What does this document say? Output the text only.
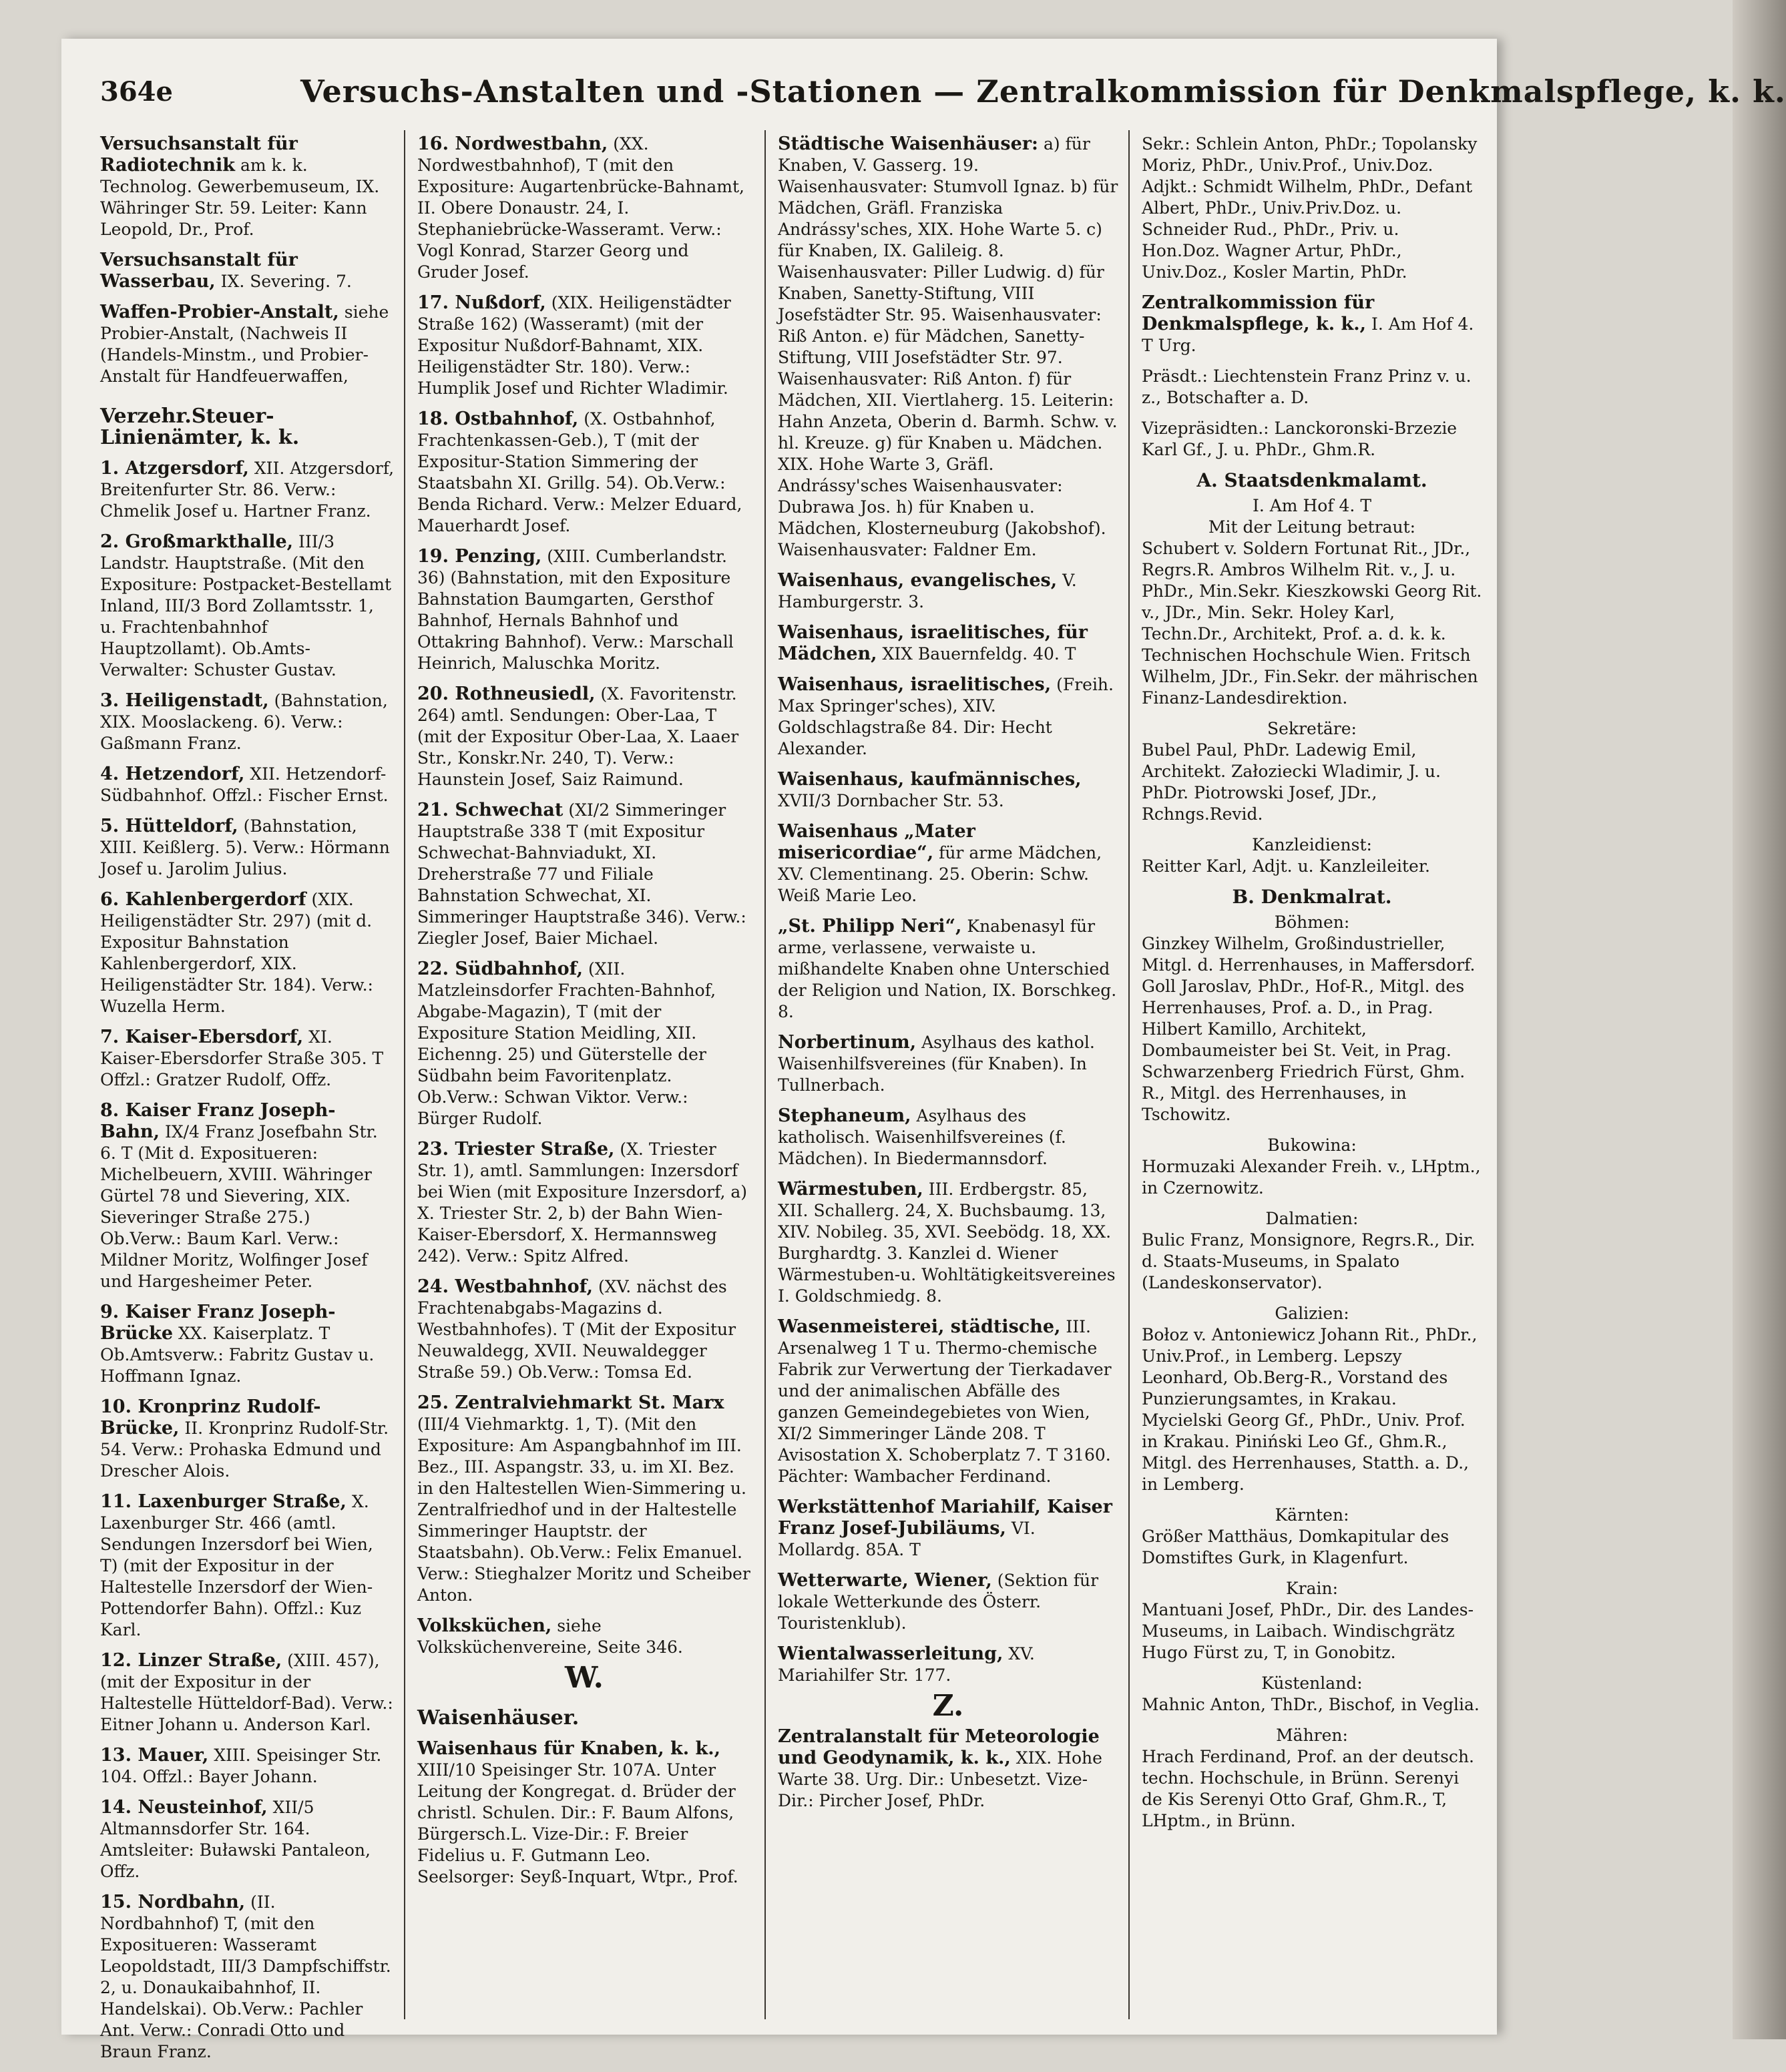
364e	Versuchs-Anstalten und -Stationen — Zentralkommission für Denkmalspflege, k. k.
Versuchsanstalt für Radiotechnik am k. k. Technolog. Gewerbemuseum, IX. Währinger Str. 59. Leiter: Kann Leopold, Dr., Prof.
Versuchsanstalt für Wasserbau, IX. Severing. 7.
Waffen-Probier-Anstalt, siehe Probier-Anstalt, (Nachweis II (Handels-Minstm., und Probier-Anstalt für Handfeuerwaffen,
Verzehr.Steuer-Linienämter, k. k.
1. Atzgersdorf, XII. Atzgersdorf, Breitenfurter Str. 86. Verw.: Chmelik Josef u. Hartner Franz.
2. Großmarkthalle, III/3 Landstr. Hauptstraße. (Mit den Expositure: Postpacket-Bestellamt Inland, III/3 Bord Zollamtsstr. 1, u. Frachtenbahnhof Hauptzollamt). Ob.Amts-Verwalter: Schuster Gustav.
3. Heiligenstadt, (Bahnstation, XIX. Mooslackeng. 6). Verw.: Gaßmann Franz.
4. Hetzendorf, XII. Hetzendorf-Südbahnhof. Offzl.: Fischer Ernst.
5. Hütteldorf, (Bahnstation, XIII. Keißlerg. 5). Verw.: Hörmann Josef u. Jarolim Julius.
6. Kahlenbergerdorf (XIX. Heiligenstädter Str. 297) (mit d. Expositur Bahnstation Kahlenbergerdorf, XIX. Heiligenstädter Str. 184). Verw.: Wuzella Herm.
7. Kaiser-Ebersdorf, XI. Kaiser-Ebersdorfer Straße 305. T Offzl.: Gratzer Rudolf, Offz.
8. Kaiser Franz Joseph-Bahn, IX/4 Franz Josefbahn Str. 6. T (Mit d. Expositueren: Michelbeuern, XVIII. Währinger Gürtel 78 und Sievering, XIX. Sieveringer Straße 275.) Ob.Verw.: Baum Karl. Verw.: Mildner Moritz, Wolfinger Josef und Hargesheimer Peter.
9. Kaiser Franz Joseph-Brücke XX. Kaiserplatz. T Ob.Amtsverw.: Fabritz Gustav u. Hoffmann Ignaz.
10. Kronprinz Rudolf-Brücke, II. Kronprinz Rudolf-Str. 54. Verw.: Prohaska Edmund und Drescher Alois.
11. Laxenburger Straße, X. Laxenburger Str. 466 (amtl. Sendungen Inzersdorf bei Wien, T) (mit der Expositur in der Haltestelle Inzersdorf der Wien-Pottendorfer Bahn). Offzl.: Kuz Karl.
12. Linzer Straße, (XIII. 457), (mit der Expositur in der Haltestelle Hütteldorf-Bad). Verw.: Eitner Johann u. Anderson Karl.
13. Mauer, XIII. Speisinger Str. 104. Offzl.: Bayer Johann.
14. Neusteinhof, XII/5 Altmannsdorfer Str. 164. Amtsleiter: Buławski Pantaleon, Offz.
15. Nordbahn, (II. Nordbahnhof) T, (mit den Expositueren: Wasseramt Leopoldstadt, III/3 Dampfschiffstr. 2, u. Donaukaibahnhof, II. Handelskai). Ob.Verw.: Pachler Ant. Verw.: Conradi Otto und Braun Franz.
16. Nordwestbahn, (XX. Nordwestbahnhof), T (mit den Expositure: Augartenbrücke-Bahnamt, II. Obere Donaustr. 24, I. Stephaniebrücke-Wasseramt. Verw.: Vogl Konrad, Starzer Georg und Gruder Josef.
17. Nußdorf, (XIX. Heiligenstädter Straße 162) (Wasseramt) (mit der Expositur Nußdorf-Bahnamt, XIX. Heiligenstädter Str. 180). Verw.: Humplik Josef und Richter Wladimir.
18. Ostbahnhof, (X. Ostbahnhof, Frachtenkassen-Geb.), T (mit der Expositur-Station Simmering der Staatsbahn XI. Grillg. 54). Ob.Verw.: Benda Richard. Verw.: Melzer Eduard, Mauerhardt Josef.
19. Penzing, (XIII. Cumberlandstr. 36) (Bahnstation, mit den Expositure Bahnstation Baumgarten, Gersthof Bahnhof, Hernals Bahnhof und Ottakring Bahnhof). Verw.: Marschall Heinrich, Maluschka Moritz.
20. Rothneusiedl, (X. Favoritenstr. 264) amtl. Sendungen: Ober-Laa, T (mit der Expositur Ober-Laa, X. Laaer Str., Konskr.Nr. 240, T). Verw.: Haunstein Josef, Saiz Raimund.
21. Schwechat (XI/2 Simmeringer Hauptstraße 338 T (mit Expositur Schwechat-Bahnviadukt, XI. Dreherstraße 77 und Filiale Bahnstation Schwechat, XI. Simmeringer Hauptstraße 346). Verw.: Ziegler Josef, Baier Michael.
22. Südbahnhof, (XII. Matzleinsdorfer Frachten-Bahnhof, Abgabe-Magazin), T (mit der Expositure Station Meidling, XII. Eichenng. 25) und Güterstelle der Südbahn beim Favoritenplatz. Ob.Verw.: Schwan Viktor. Verw.: Bürger Rudolf.
23. Triester Straße, (X. Triester Str. 1), amtl. Sammlungen: Inzersdorf bei Wien (mit Expositure Inzersdorf, a) X. Triester Str. 2, b) der Bahn Wien-Kaiser-Ebersdorf, X. Hermannsweg 242). Verw.: Spitz Alfred.
24. Westbahnhof, (XV. nächst des Frachtenabgabs-Magazins d. Westbahnhofes). T (Mit der Expositur Neuwaldegg, XVII. Neuwaldegger Straße 59.) Ob.Verw.: Tomsa Ed.
25. Zentralviehmarkt St. Marx (III/4 Viehmarktg. 1, T). (Mit den Expositure: Am Aspangbahnhof im III. Bez., III. Aspangstr. 33, u. im XI. Bez. in den Haltestellen Wien-Simmering u. Zentralfriedhof und in der Haltestelle Simmeringer Hauptstr. der Staatsbahn). Ob.Verw.: Felix Emanuel. Verw.: Stieghalzer Moritz und Scheiber Anton.
Volksküchen, siehe Volksküchenvereine, Seite 346.
W.
Waisenhäuser.
Waisenhaus für Knaben, k. k., XIII/10 Speisinger Str. 107A. Unter Leitung der Kongregat. d. Brüder der christl. Schulen. Dir.: F. Baum Alfons, Bürgersch.L. Vize-Dir.: F. Breier Fidelius u. F. Gutmann Leo. Seelsorger: Seyß-Inquart, Wtpr., Prof.
Städtische Waisenhäuser: a) für Knaben, V. Gasserg. 19. Waisenhausvater: Stumvoll Ignaz. b) für Mädchen, Gräfl. Franziska Andrássy'sches, XIX. Hohe Warte 5. c) für Knaben, IX. Galileig. 8. Waisenhausvater: Piller Ludwig. d) für Knaben, Sanetty-Stiftung, VIII Josefstädter Str. 95. Waisenhausvater: Riß Anton. e) für Mädchen, Sanetty-Stiftung, VIII Josefstädter Str. 97. Waisenhausvater: Riß Anton. f) für Mädchen, XII. Viertlaherg. 15. Leiterin: Hahn Anzeta, Oberin d. Barmh. Schw. v. hl. Kreuze. g) für Knaben u. Mädchen. XIX. Hohe Warte 3, Gräfl. Andrássy'sches Waisenhausvater: Dubrawa Jos. h) für Knaben u. Mädchen, Klosterneuburg (Jakobshof). Waisenhausvater: Faldner Em.
Waisenhaus, evangelisches, V. Hamburgerstr. 3.
Waisenhaus, israelitisches, für Mädchen, XIX Bauernfeldg. 40. T
Waisenhaus, israelitisches, (Freih. Max Springer'sches), XIV. Goldschlagstraße 84. Dir: Hecht Alexander.
Waisenhaus, kaufmännisches, XVII/3 Dornbacher Str. 53.
Waisenhaus „Mater misericordiae“, für arme Mädchen, XV. Clementinang. 25. Oberin: Schw. Weiß Marie Leo.
„St. Philipp Neri“, Knabenasyl für arme, verlassene, verwaiste u. mißhandelte Knaben ohne Unterschied der Religion und Nation, IX. Borschkeg. 8.
Norbertinum, Asylhaus des kathol. Waisenhilfsvereines (für Knaben). In Tullnerbach.
Stephaneum, Asylhaus des katholisch. Waisenhilfsvereines (f. Mädchen). In Biedermannsdorf.
Wärmestuben, III. Erdbergstr. 85, XII. Schallerg. 24, X. Buchsbaumg. 13, XIV. Nobileg. 35, XVI. Seebödg. 18, XX. Burghardtg. 3. Kanzlei d. Wiener Wärmestuben-u. Wohltätigkeitsvereines I. Goldschmiedg. 8.
Wasenmeisterei, städtische, III. Arsenalweg 1 T u. Thermo-chemische Fabrik zur Verwertung der Tierkadaver und der animalischen Abfälle des ganzen Gemeindegebietes von Wien, XI/2 Simmeringer Lände 208. T Avisostation X. Schoberplatz 7. T 3160. Pächter: Wambacher Ferdinand.
Werkstättenhof Mariahilf, Kaiser Franz Josef-Jubiläums, VI. Mollardg. 85A. T
Wetterwarte, Wiener, (Sektion für lokale Wetterkunde des Österr. Touristenklub).
Wientalwasserleitung, XV. Mariahilfer Str. 177.
Z.
Zentralanstalt für Meteorologie und Geodynamik, k. k., XIX. Hohe Warte 38. Urg. Dir.: Unbesetzt. Vize-Dir.: Pircher Josef, PhDr.
Sekr.: Schlein Anton, PhDr.; Topolansky Moriz, PhDr., Univ.Prof., Univ.Doz. Adjkt.: Schmidt Wilhelm, PhDr., Defant Albert, PhDr., Univ.Priv.Doz. u. Schneider Rud., PhDr., Priv. u. Hon.Doz. Wagner Artur, PhDr., Univ.Doz., Kosler Martin, PhDr.
Zentralkommission für Denkmalspflege, k. k., I. Am Hof 4. T Urg.
Präsdt.: Liechtenstein Franz Prinz v. u. z., Botschafter a. D.
Vizepräsidten.: Lanckoronski-Brzezie Karl Gf., J. u. PhDr., Ghm.R.
A. Staatsdenkmalamt.
I. Am Hof 4. T
Mit der Leitung betraut:
Schubert v. Soldern Fortunat Rit., JDr., Regrs.R. Ambros Wilhelm Rit. v., J. u. PhDr., Min.Sekr. Kieszkowski Georg Rit. v., JDr., Min. Sekr. Holey Karl, Techn.Dr., Architekt, Prof. a. d. k. k. Technischen Hochschule Wien. Fritsch Wilhelm, JDr., Fin.Sekr. der mährischen Finanz-Landesdirektion.
Sekretäre:
Bubel Paul, PhDr. Ladewig Emil, Architekt. Załoziecki Wladimir, J. u. PhDr. Piotrowski Josef, JDr., Rchngs.Revid.
Kanzleidienst:
Reitter Karl, Adjt. u. Kanzleileiter.
B. Denkmalrat.
Böhmen:
Ginzkey Wilhelm, Großindustrieller, Mitgl. d. Herrenhauses, in Maffersdorf. Goll Jaroslav, PhDr., Hof-R., Mitgl. des Herrenhauses, Prof. a. D., in Prag. Hilbert Kamillo, Architekt, Dombaumeister bei St. Veit, in Prag. Schwarzenberg Friedrich Fürst, Ghm. R., Mitgl. des Herrenhauses, in Tschowitz.
Bukowina:
Hormuzaki Alexander Freih. v., LHptm., in Czernowitz.
Dalmatien:
Bulic Franz, Monsignore, Regrs.R., Dir. d. Staats-Museums, in Spalato (Landeskonservator).
Galizien:
Bołoz v. Antoniewicz Johann Rit., PhDr., Univ.Prof., in Lemberg. Lepszy Leonhard, Ob.Berg-R., Vorstand des Punzierungsamtes, in Krakau. Mycielski Georg Gf., PhDr., Univ. Prof. in Krakau. Piniński Leo Gf., Ghm.R., Mitgl. des Herrenhauses, Statth. a. D., in Lemberg.
Kärnten:
Größer Matthäus, Domkapitular des Domstiftes Gurk, in Klagenfurt.
Krain:
Mantuani Josef, PhDr., Dir. des Landes-Museums, in Laibach. Windischgrätz Hugo Fürst zu, T, in Gonobitz.
Küstenland:
Mahnic Anton, ThDr., Bischof, in Veglia.
Mähren:
Hrach Ferdinand, Prof. an der deutsch. techn. Hochschule, in Brünn. Serenyi de Kis Serenyi Otto Graf, Ghm.R., T, LHptm., in Brünn.
